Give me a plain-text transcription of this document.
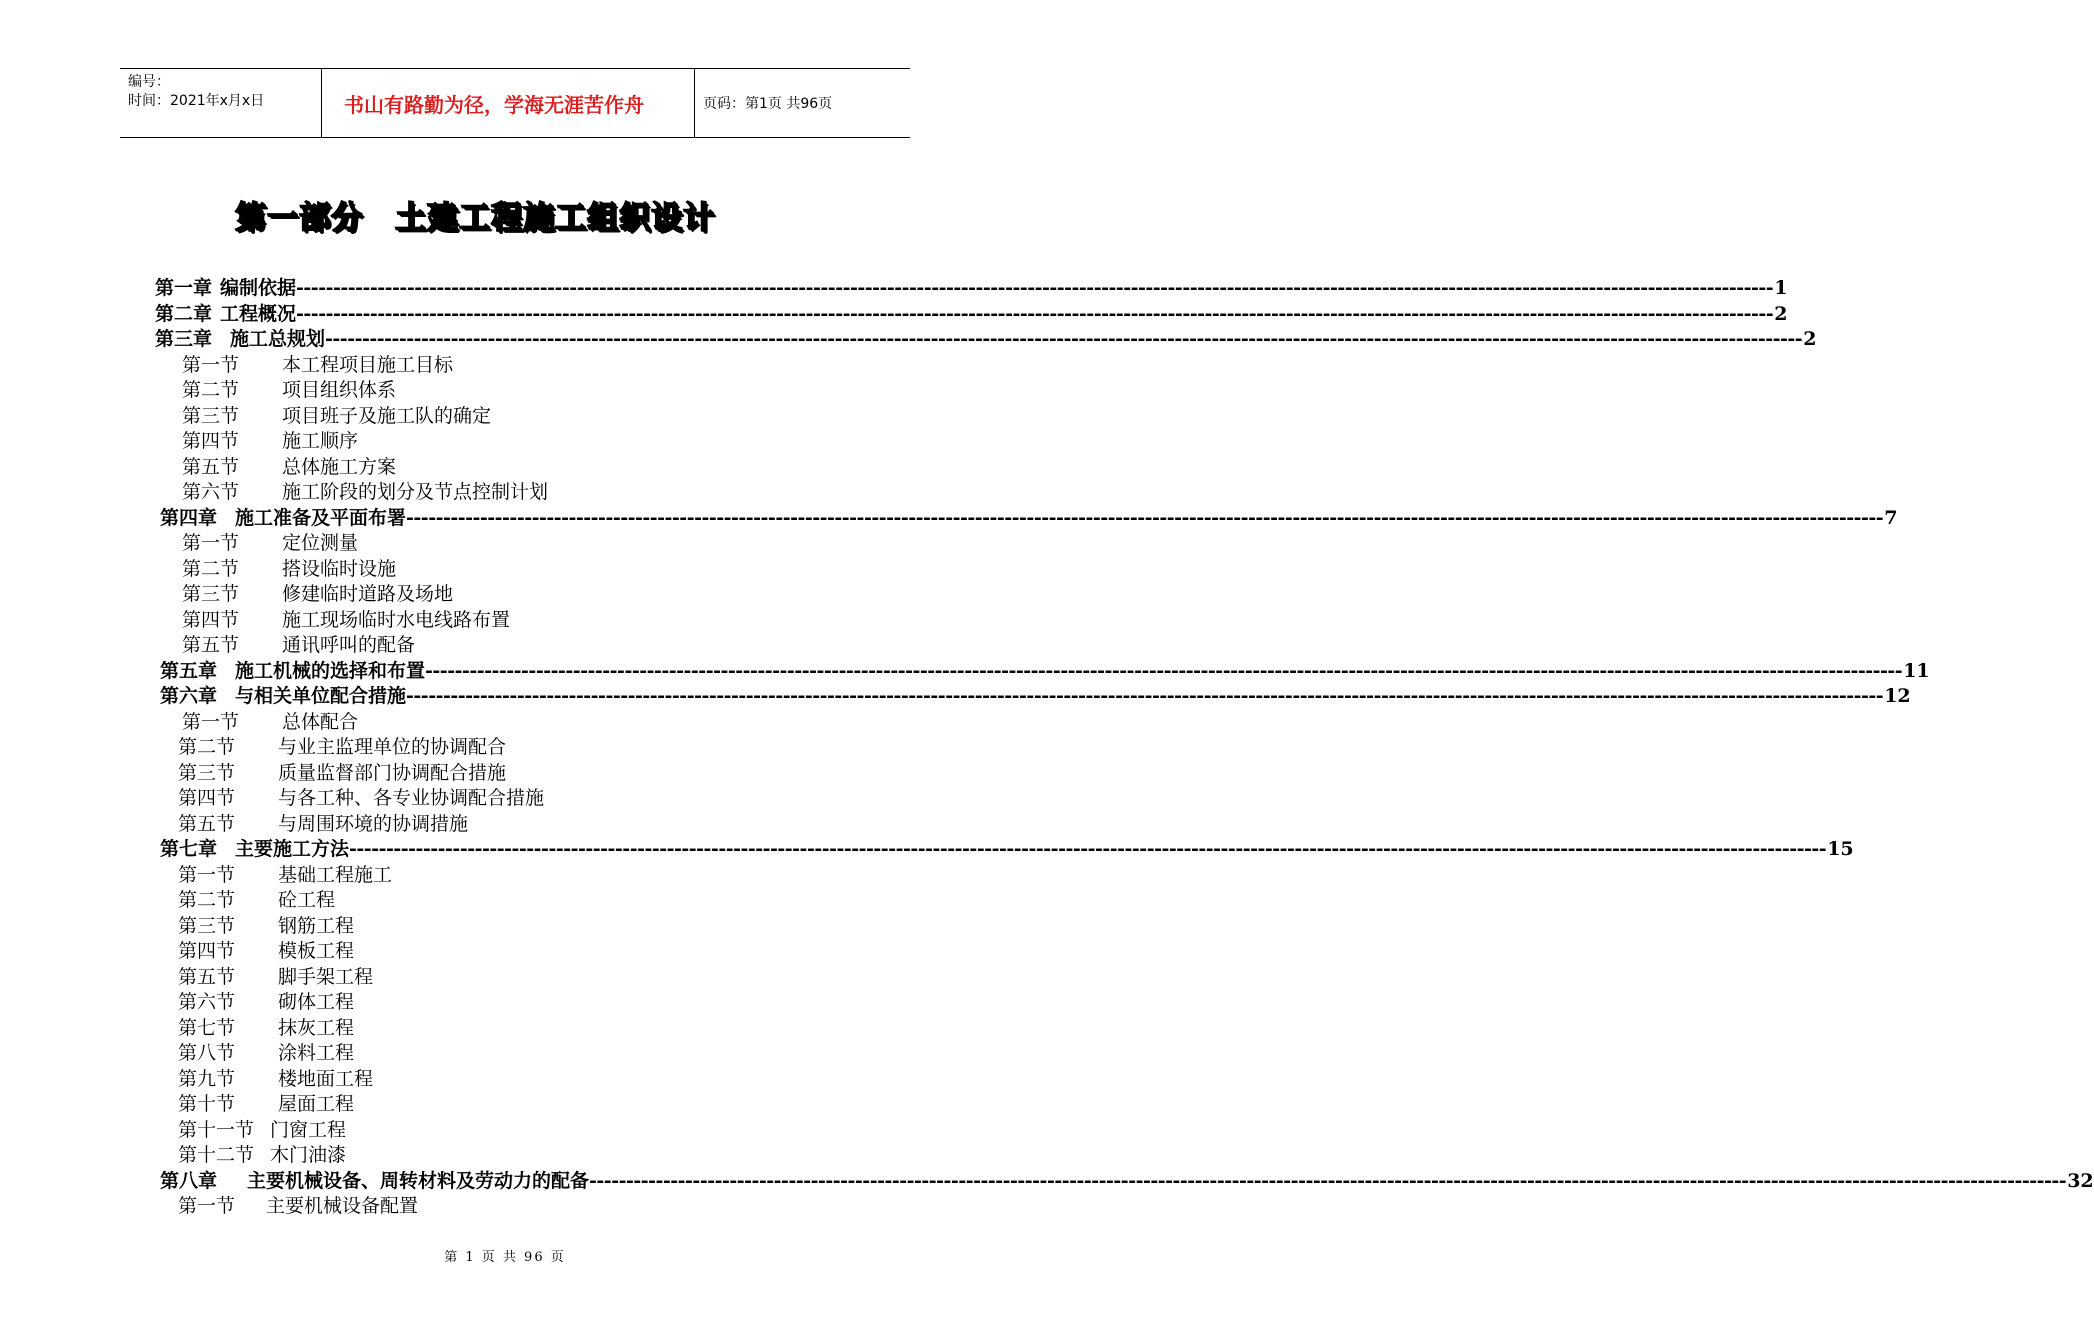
编号：
时间：2021年x月x日	书山有路勤为径，学海无涯苦作舟	页码：第1页 共96页
第一部分　土建工程施工组织设计
第一章 编制依据 -------------------------------------------------------------------------------------------------------------------------------------------------------------------------------------------------------- 1
第二章 工程概况 -------------------------------------------------------------------------------------------------------------------------------------------------------------------------------------------------------- 2
第三章 施工总规划 -------------------------------------------------------------------------------------------------------------------------------------------------------------------------------------------------------- 2
第一节 本工程项目施工目标
第二节 项目组织体系
第三节 项目班子及施工队的确定
第四节 施工顺序
第五节 总体施工方案
第六节 施工阶段的划分及节点控制计划
第四章 施工准备及平面布署 -------------------------------------------------------------------------------------------------------------------------------------------------------------------------------------------------------- 7
第一节 定位测量
第二节 搭设临时设施
第三节 修建临时道路及场地
第四节 施工现场临时水电线路布置
第五节 通讯呼叫的配备
第五章 施工机械的选择和布置 -------------------------------------------------------------------------------------------------------------------------------------------------------------------------------------------------------- 11
第六章 与相关单位配合措施 -------------------------------------------------------------------------------------------------------------------------------------------------------------------------------------------------------- 12
第一节 总体配合
第二节 与业主监理单位的协调配合
第三节 质量监督部门协调配合措施
第四节 与各工种、各专业协调配合措施
第五节 与周围环境的协调措施
第七章 主要施工方法 -------------------------------------------------------------------------------------------------------------------------------------------------------------------------------------------------------- 15
第一节 基础工程施工
第二节 砼工程
第三节 钢筋工程
第四节 模板工程
第五节 脚手架工程
第六节 砌体工程
第七节 抹灰工程
第八节 涂料工程
第九节 楼地面工程
第十节 屋面工程
第十一节 门窗工程
第十二节 木门油漆
第八章 主要机械设备、周转材料及劳动力的配备 -------------------------------------------------------------------------------------------------------------------------------------------------------------------------------------------------------- 32
第一节 主要机械设备配置
第 1 页 共 96 页
